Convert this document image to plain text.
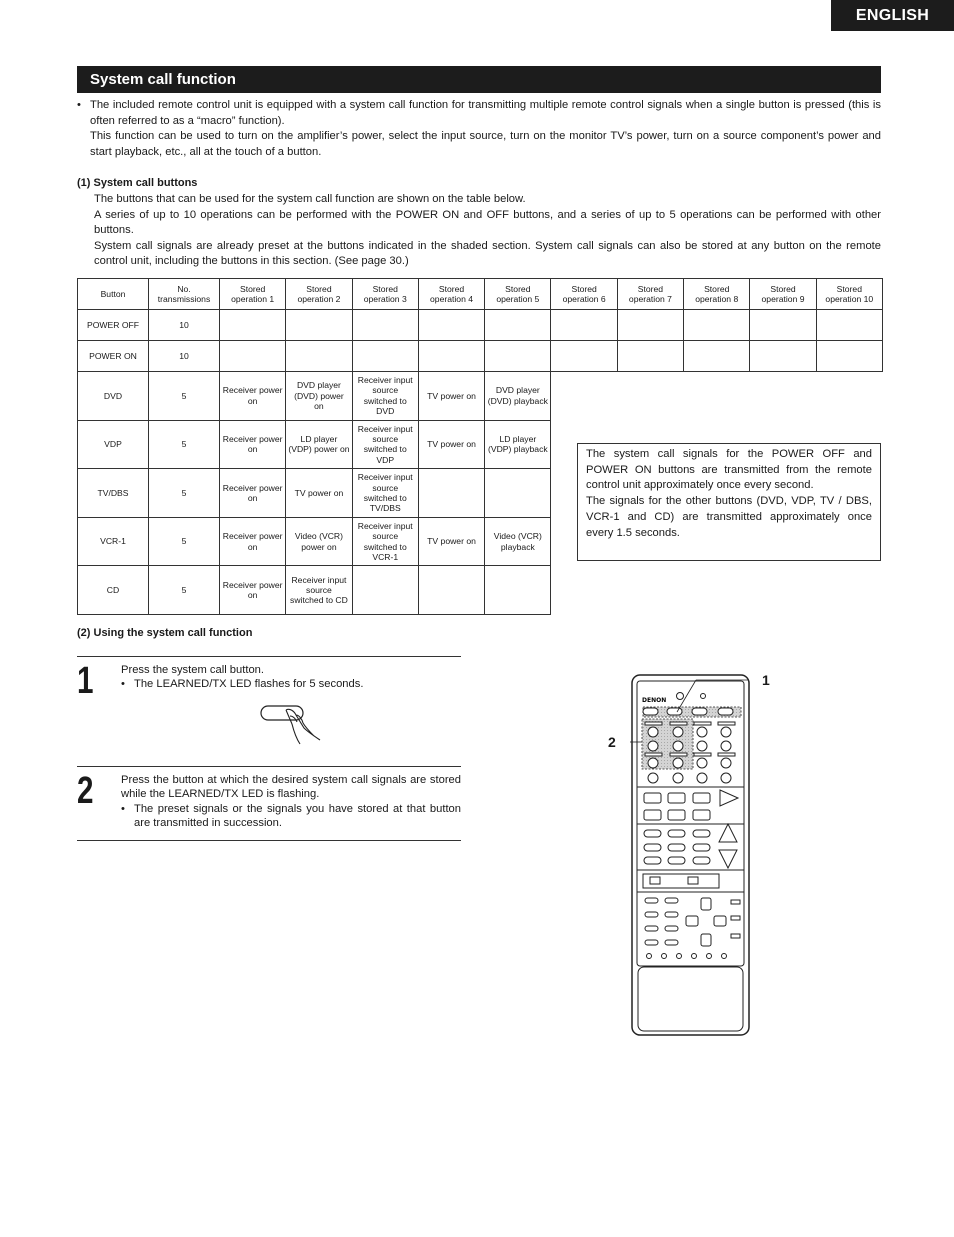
ENGLISH
System call function
• The included remote control unit is equipped with a system call function for transmitting multiple remote control signals when a single button is pressed (this is often referred to as a “macro” function).

This function can be used to turn on the amplifier’s power, select the input source, turn on the monitor TV’s power, turn on a source component’s power and start playback, etc., all at the touch of a button.

(1) System call buttons

The buttons that can be used for the system call function are shown on the table below.

A series of up to 10 operations can be performed with the POWER ON and OFF buttons, and a series of up to 5 operations can be performed with other buttons.

System call signals are already preset at the buttons indicated in the shaded section. System call signals can also be stored at any button on the remote control unit, including the buttons in this section. (See page 30.)

Button	No. transmissions	Stored operation 1	Stored operation 2	Stored operation 3	Stored operation 4	Stored operation 5	Stored operation 6	Stored operation 7	Stored operation 8	Stored operation 9	Stored operation 10
POWER OFF	10										
POWER ON	10										
DVD	5	Receiver power on	DVD player (DVD) power on	Receiver input source switched to DVD	TV power on	DVD player (DVD) playback					
VDP	5	Receiver power on	LD player (VDP) power on	Receiver input source switched to VDP	TV power on	LD player (VDP) playback					
TV/DBS	5	Receiver power on	TV power on	Receiver input source switched to TV/DBS							
VCR-1	5	Receiver power on	Video (VCR) power on	Receiver input source switched to VCR-1	TV power on	Video (VCR) playback					
CD	5	Receiver power on	Receiver input source switched to CD								

The system call signals for the POWER OFF and POWER ON buttons are transmitted from the remote control unit approximately once every second.

The signals for the other buttons (DVD, VDP, TV / DBS, VCR-1 and CD) are transmitted approximately once every 1.5 seconds.

(2) Using the system call function
1 Press the system call button.

• The LEARNED/TX LED flashes for 5 seconds.

2 Press the button at which the desired system call signals are stored while the LEARNED/TX LED is flashing.

• The preset signals or the signals you have stored at that button are transmitted in succession.

DENON
1
2
